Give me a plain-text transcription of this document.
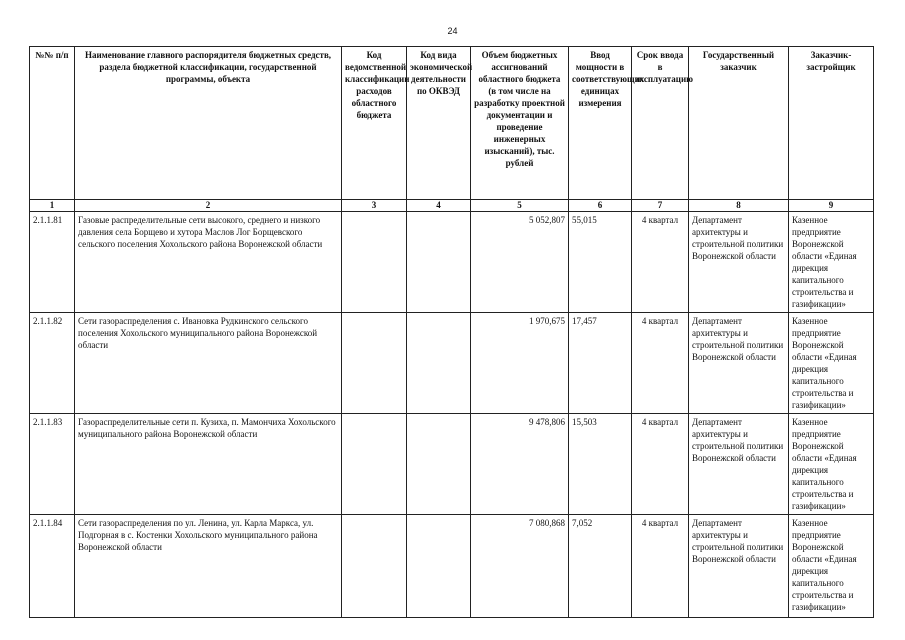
24
№№ п/п	Наименование главного распорядителя бюджетных средств, раздела бюджетной классификации, государственной программы, объекта	Код ведомственной классификации расходов областного бюджета	Код вида экономической деятельности по ОКВЭД	Объем бюджетных ассигнований областного бюджета (в том числе на разработку проектной документации и проведение инженерных изысканий), тыс. рублей	Ввод мощности в соответствующих единицах измерения	Срок ввода в эксплуатацию	Государственный заказчик	Заказчик-застройщик
1	2	3	4	5	6	7	8	9
2.1.1.81	Газовые распределительные сети высокого, среднего и низкого давления села Борщево и хутора Маслов Лог Борщевского сельского поселения Хохольского района Воронежской области			5 052,807	55,015	4 квартал	Департамент архитектуры и строительной политики Воронежской области	Казенное предприятие Воронежской области «Единая дирекция капитального строительства и газификации»
2.1.1.82	Сети газораспределения с. Ивановка Рудкинского сельского поселения Хохольского муниципального района Воронежской области			1 970,675	17,457	4 квартал	Департамент архитектуры и строительной политики Воронежской области	Казенное предприятие Воронежской области «Единая дирекция капитального строительства и газификации»
2.1.1.83	Газораспределительные сети п. Кузиха, п. Мамончиха Хохольского муниципального района Воронежской области			9 478,806	15,503	4 квартал	Департамент архитектуры и строительной политики Воронежской области	Казенное предприятие Воронежской области «Единая дирекция капитального строительства и газификации»
2.1.1.84	Сети газораспределения по ул. Ленина, ул. Карла Маркса, ул. Подгорная в с. Костенки Хохольского муниципального района Воронежской области			7 080,868	7,052	4 квартал	Департамент архитектуры и строительной политики Воронежской области	Казенное предприятие Воронежской области «Единая дирекция капитального строительства и газификации»
